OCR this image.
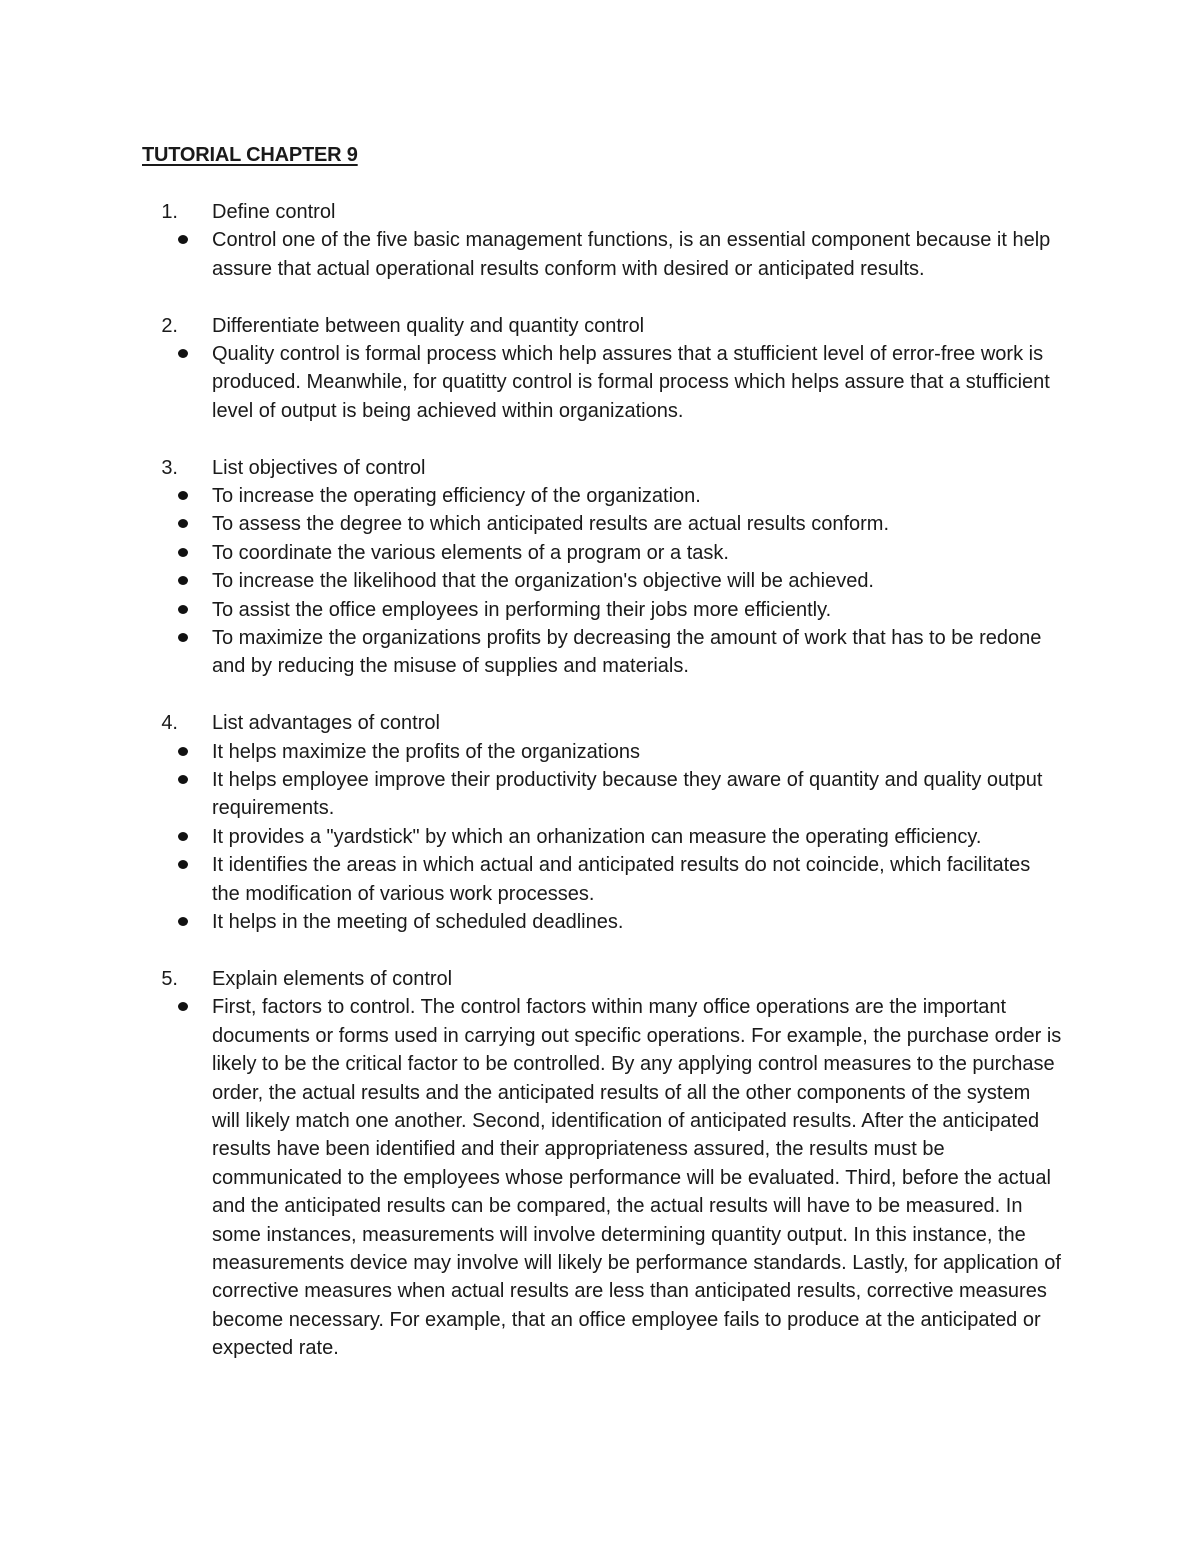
TUTORIAL CHAPTER 9
1.	Define control
Control one of the five basic management functions, is an essential component because it help assure that actual operational results conform with desired or anticipated results.
2.	Differentiate between quality and quantity control
Quality control is formal process which help assures that a stufficient level of error-free work is produced. Meanwhile, for quatitty control is formal process which helps assure that a stufficient level of output is being achieved within organizations.
3.	List objectives of control
To increase the operating efficiency of the organization.
To assess the degree to which anticipated results are actual results conform.
To coordinate the various elements of a program or a task.
To increase the likelihood that the organization's objective will be achieved.
To assist the office employees in performing their jobs more efficiently.
To maximize the organizations profits by decreasing the amount of work that has to be redone and by reducing the misuse of supplies and materials.
4.	List advantages of control
It helps maximize the profits of the organizations
It helps employee improve their productivity because they aware of quantity and quality output requirements.
It provides a "yardstick" by which an orhanization can measure the operating efficiency.
It identifies the areas in which actual and anticipated results do not coincide, which facilitates the modification of various work processes.
It helps in the meeting of scheduled deadlines.
5.	Explain elements of control
First, factors to control. The control factors within many office operations are the important documents or forms used in carrying out specific operations. For example, the purchase order is likely to be the critical factor to be controlled. By any applying control measures to the purchase order, the actual results and the anticipated results of all the other components of the system will likely match one another. Second, identification of anticipated results. After the anticipated results have been identified and their appropriateness assured, the results must be communicated to the employees whose performance will be evaluated. Third, before the actual and the anticipated results can be compared, the actual results will have to be measured. In some instances, measurements will involve determining quantity output. In this instance, the measurements device may involve will likely be performance standards. Lastly, for application of corrective measures when actual results are less than anticipated results, corrective measures become necessary. For example, that an office employee fails to produce at the anticipated or expected rate.
